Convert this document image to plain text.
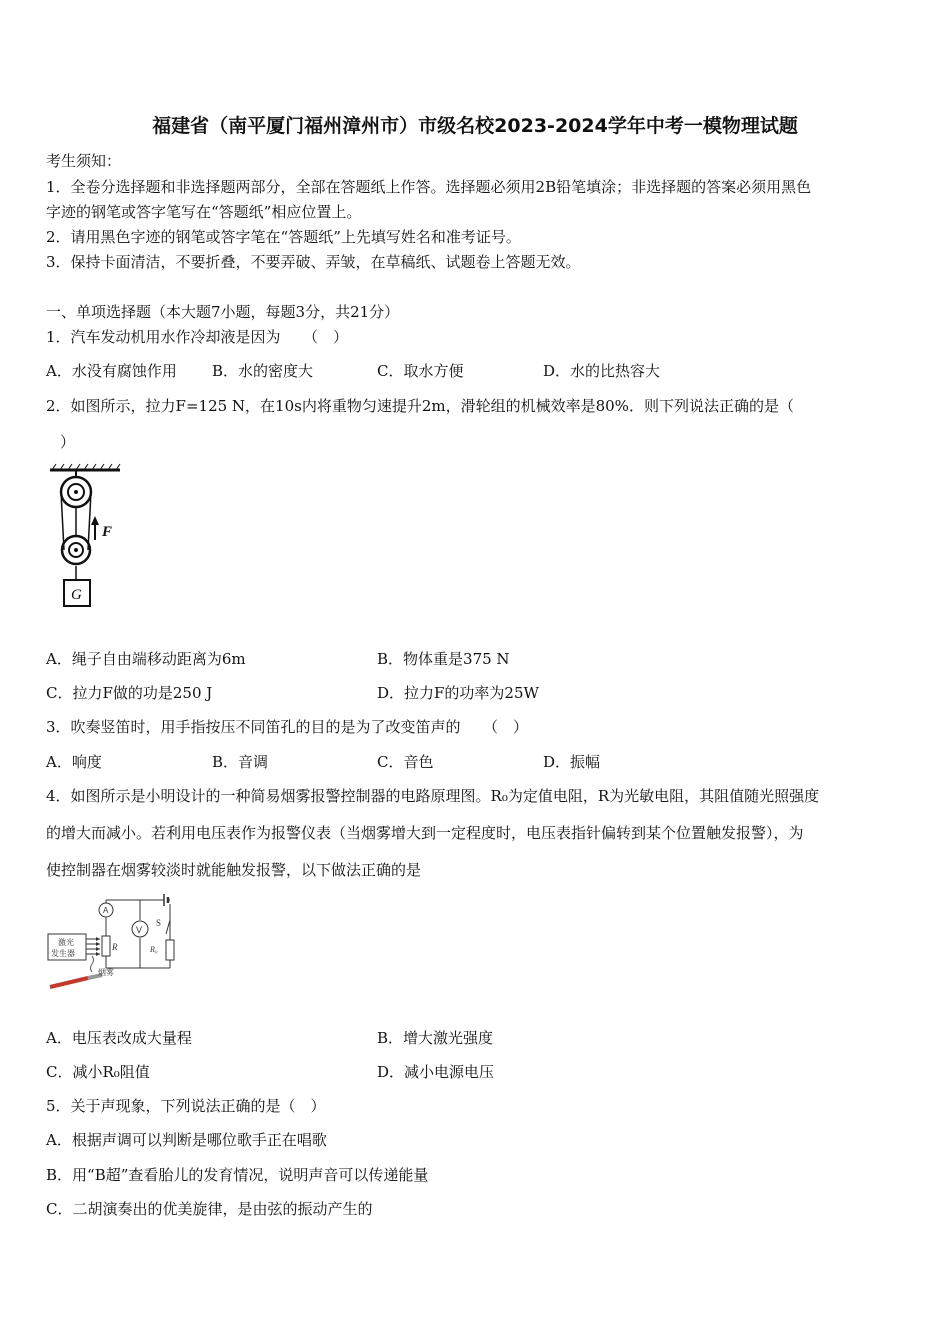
福建省（南平厦门福州漳州市）市级名校2023-2024学年中考一模物理试题
考生须知：
1．全卷分选择题和非选择题两部分，全部在答题纸上作答。选择题必须用2B铅笔填涂；非选择题的答案必须用黑色
字迹的钢笔或答字笔写在“答题纸”相应位置上。
2．请用黑色字迹的钢笔或答字笔在“答题纸”上先填写姓名和准考证号。
3．保持卡面清洁，不要折叠，不要弄破、弄皱，在草稿纸、试题卷上答题无效。
一、单项选择题（本大题7小题，每题3分，共21分）
1．汽车发动机用水作冷却液是因为　　（　）
A．水没有腐蚀作用 B．水的密度大	C．取水方便	D．水的比热容大
2．如图所示，拉力F=125 N，在10s内将重物匀速提升2m，滑轮组的机械效率是80%．则下列说法正确的是（
）
F
G
A．绳子自由端移动距离为6m	B．物体重是375 N
C．拉力F做的功是250 J	D．拉力F的功率为25W
3．吹奏竖笛时，用手指按压不同笛孔的目的是为了改变笛声的　　（　）
A．响度	B．音调	C．音色	D．振幅
4．如图所示是小明设计的一种简易烟雾报警控制器的电路原理图。R₀为定值电阻，R为光敏电阻，其阻值随光照强度
的增大而减小。若利用电压表作为报警仪表（当烟雾增大到一定程度时，电压表指针偏转到某个位置触发报警），为
使控制器在烟雾较淡时就能触发报警，以下做法正确的是
S
A
V
R	R₀
激光
发生器
烟雾
A．电压表改成大量程	B．增大激光强度
C．减小R₀阻值	D．减小电源电压
5．关于声现象，下列说法正确的是（　）
A．根据声调可以判断是哪位歌手正在唱歌
B．用“B超”查看胎儿的发育情况，说明声音可以传递能量
C．二胡演奏出的优美旋律，是由弦的振动产生的
